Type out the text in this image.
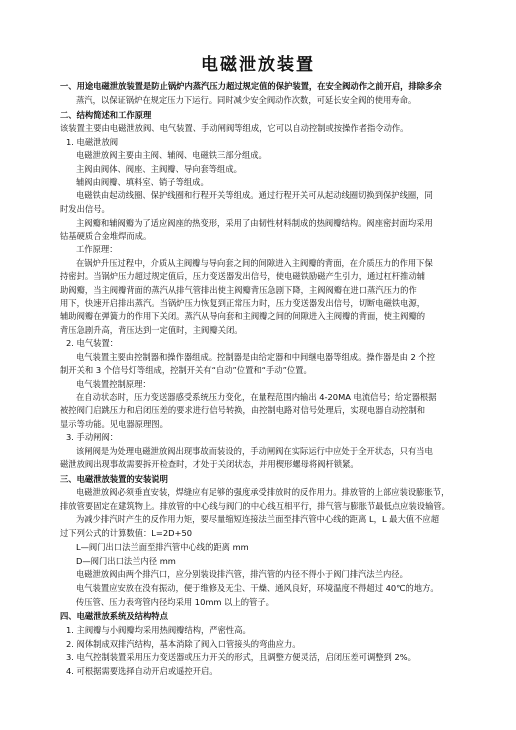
电磁泄放装置
一、用途电磁泄放装置是防止锅炉内蒸汽压力超过规定值的保护装置，在安全阀动作之前开启，排除多余
蒸汽，以保证锅炉在规定压力下运行。同时减少安全阀动作次数，可延长安全阀的使用寿命。
二、结构简述和工作原理
该装置主要由电磁泄放阀、电气装置、手动闸阀等组成，它可以自动控制或按操作者指令动作。
1. 电磁泄放阀
电磁泄放阀主要由主阀、辅阀、电磁铁三部分组成。
主阀由阀体、阀座、主阀瓣、导向套等组成。
辅阀由阀瓣、填料室、销子等组成。
电磁铁由起动线圈、保护线圈和行程开关等组成。通过行程开关可从起动线圈切换到保护线圈，同
时发出信号。
主阀瓣和辅阀瓣为了适应阀座的热变形，采用了由韧性材料制成的热阀瓣结构。阀座密封面均采用
钴基硬质合金堆焊而成。
工作原理：
在锅炉升压过程中，介质从主阀瓣与导向套之间的间隙进入主阀瓣的背面，在介质压力的作用下保
持密封。当锅炉压力超过规定值后，压力变送器发出信号，使电磁铁励磁产生引力，通过杠杆推动辅
助阀瓣，当主阀瓣背面的蒸汽从排气管排出使主阀瓣背压急剧下降，主阀阀瓣在进口蒸汽压力的作
用下，快速开启排出蒸汽。当锅炉压力恢复到正常压力时，压力变送器发出信号，切断电磁铁电源，
辅助阀瓣在弹簧力的作用下关闭。蒸汽从导向套和主阀瓣之间的间隙进入主阀瓣的背面，使主阀瓣的
背压急剧升高，背压达到一定值时，主阀瓣关闭。
2. 电气装置：
电气装置主要由控制器和操作器组成。控制器是由给定器和中间继电器等组成。操作器是由 2 个控
制开关和 3 个信号灯等组成，控制开关有“自动”位置和“手动”位置。
电气装置控制原理：
在自动状态时，压力变送器感受系统压力变化，在量程范围内输出 4-20MA 电流信号；给定器根据
被控阀门启跳压力和启闭压差的要求进行信号转换，由控制电路对信号处理后，实现电器自动控制和
显示等功能。见电器原理图。
3. 手动闸阀：
该闸阀是为处理电磁泄放阀出现事故而装设的，手动闸阀在实际运行中应处于全开状态，只有当电
磁泄放阀出现事故需要拆开检查时，才处于关闭状态，并用楔形螺母将阀杆锁紧。
三、电磁泄放装置的安装说明
电磁泄放阀必须垂直安装，焊缝应有足够的强度承受排放时的反作用力。排放管的上部应装设膨胀节，
排放管要固定在建筑物上。排放管的中心线与阀门的中心线互相平行，排气管与膨胀节最低点应装设输管。
为减少排汽时产生的反作用力矩，要尽量缩短连接法兰面至排汽管中心线的距离 L，L 最大值不应超
过下列公式的计算数值：L=2D+50
L—阀门出口法兰面至排汽管中心线的距离 mm
D—阀门出口法兰内径 mm
电磁泄放阀由两个排汽口，应分别装设排汽管，排汽管的内径不得小于阀门排汽法兰内径。
电气装置应安放在没有振动，便于维修及无尘、干燥、通风良好，环境温度不得超过 40℃的地方。
传压管、压力表弯管内径均采用 10mm 以上的管子。
四、电磁泄放系统及结构特点
1. 主阀瓣与小阀瓣均采用热阀瓣结构，严密性高。
2. 阀体制成双排汽结构，基本消除了阀入口管接头的弯曲应力。
3. 电气控制装置采用压力变送器或压力开关的形式，且调整方便灵活，启闭压差可调整到 2%。
4. 可根据需要选择自动开启或遥控开启。
